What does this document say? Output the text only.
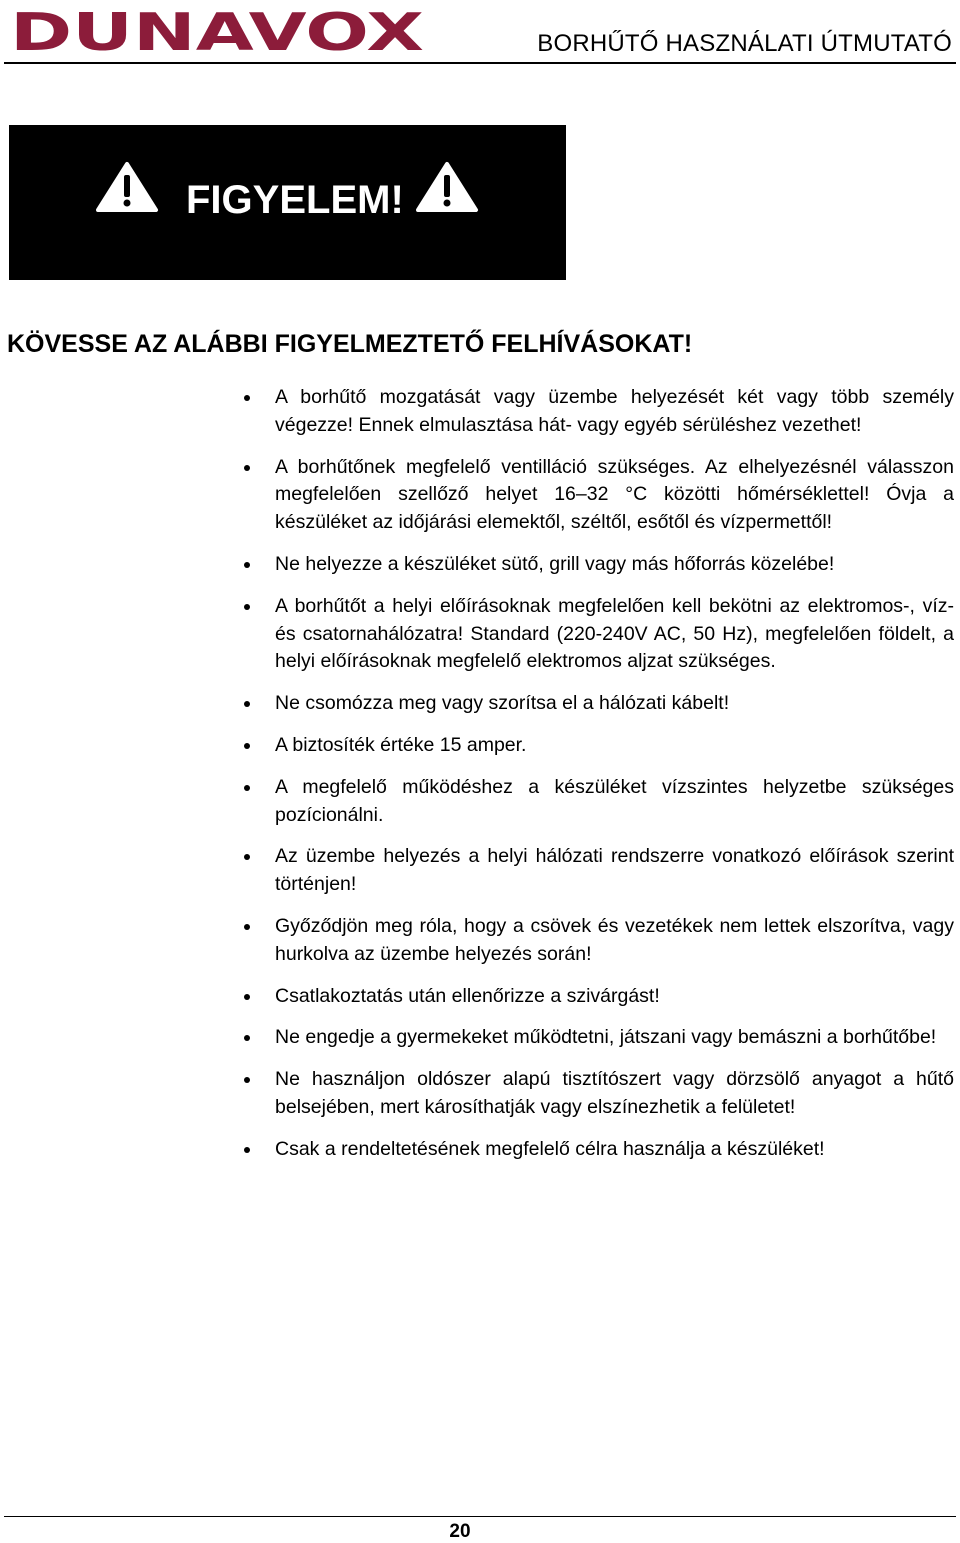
DUNAVOX	BORHŰTŐ HASZNÁLATI ÚTMUTATÓ
FIGYELEM!
KÖVESSE AZ ALÁBBI FIGYELMEZTETŐ FELHÍVÁSOKAT!
A borhűtő mozgatását vagy üzembe helyezését két vagy több személy végezze! Ennek elmulasztása hát- vagy egyéb sérüléshez vezethet!
A borhűtőnek megfelelő ventilláció szükséges. Az elhelyezésnél válasszon megfelelően szellőző helyet 16–32 °C közötti hőmérséklettel! Óvja a készüléket az időjárási elemektől, széltől, esőtől és vízpermettől!
Ne helyezze a készüléket sütő, grill vagy más hőforrás közelébe!
A borhűtőt a helyi előírásoknak megfelelően kell bekötni az elektromos-, víz- és csatornahálózatra! Standard (220-240V AC, 50 Hz), megfelelően földelt, a helyi előírásoknak megfelelő elektromos aljzat szükséges.
Ne csomózza meg vagy szorítsa el a hálózati kábelt!
A biztosíték értéke 15 amper.
A megfelelő működéshez a készüléket vízszintes helyzetbe szükséges pozícionálni.
Az üzembe helyezés a helyi hálózati rendszerre vonatkozó előírások szerint történjen!
Győződjön meg róla, hogy a csövek és vezetékek nem lettek elszorítva, vagy hurkolva az üzembe helyezés során!
Csatlakoztatás után ellenőrizze a szivárgást!
Ne engedje a gyermekeket működtetni, játszani vagy bemászni a borhűtőbe!
Ne használjon oldószer alapú tisztítószert vagy dörzsölő anyagot a hűtő belsejében, mert károsíthatják vagy elszínezhetik a felületet!
Csak a rendeltetésének megfelelő célra használja a készüléket!
20
